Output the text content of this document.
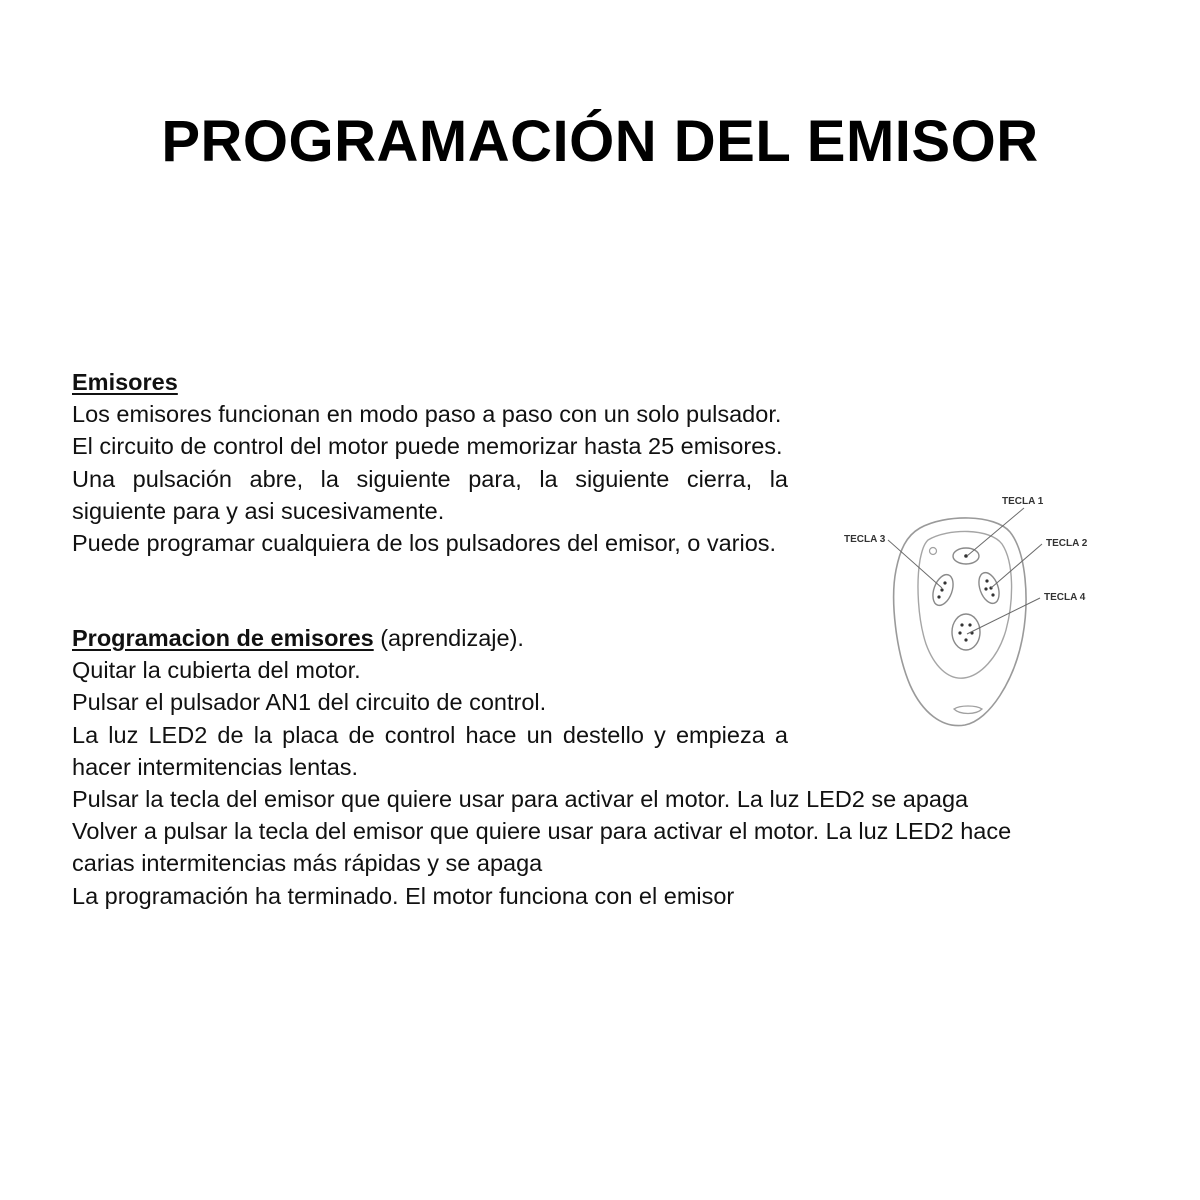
PROGRAMACIÓN DEL EMISOR
Emisores
Los emisores funcionan en modo paso a paso con un solo pulsador.
El circuito de control del motor puede memorizar hasta 25 emisores.
Una pulsación abre, la siguiente para, la siguiente cierra, la siguiente para y asi sucesivamente.
Puede programar cualquiera de los pulsadores del emisor, o varios.
Programacion de emisores (aprendizaje).
Quitar la cubierta del motor.
Pulsar el pulsador AN1 del circuito de control.
La luz LED2 de la placa de control hace un destello y empieza a hacer intermitencias lentas.
Pulsar la tecla del emisor que quiere usar para activar el motor. La luz LED2 se apaga
Volver a pulsar la tecla del emisor que quiere usar para activar el motor. La luz LED2 hace
carias intermitencias más rápidas y se apaga
La programación ha terminado. El motor funciona con el emisor
TECLA 1
TECLA 2
TECLA 3
TECLA 4
